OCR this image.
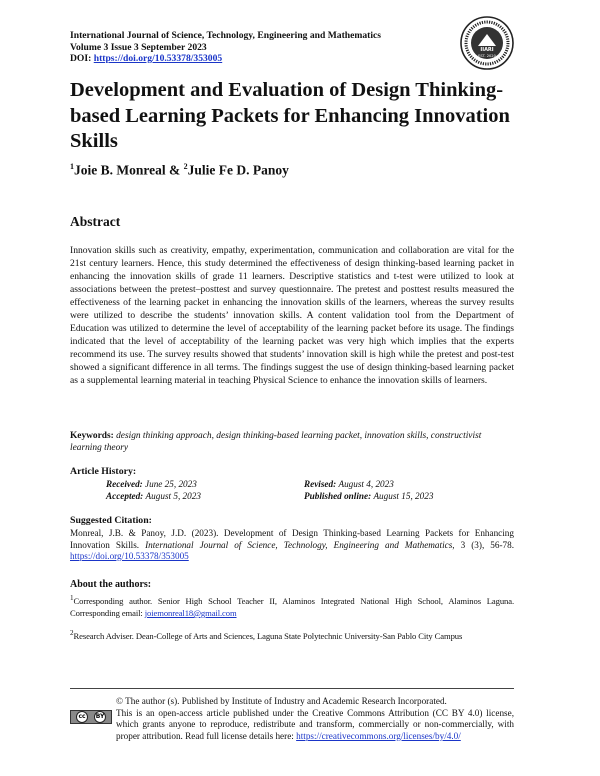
International Journal of Science, Technology, Engineering and Mathematics
Volume 3 Issue 3 September 2023
DOI: https://doi.org/10.53378/353005
IIARI
EST. 2020
Development and Evaluation of Design Thinking-based Learning Packets for Enhancing Innovation Skills
$^1$Joie B. Monreal & $^2$Julie Fe D. Panoy
Abstract

Innovation skills such as creativity, empathy, experimentation, communication and collaboration are vital for the 21st century learners. Hence, this study determined the effectiveness of design thinking-based learning packet in enhancing the innovation skills of grade 11 learners. Descriptive statistics and t-test were utilized to look at associations between the pretest–posttest and survey questionnaire. The pretest and posttest results measured the effectiveness of the learning packet in enhancing the innovation skills of the learners, whereas the survey results were utilized to describe the students’ innovation skills. A content validation tool from the Department of Education was utilized to determine the level of acceptability of the learning packet before its usage. The findings indicated that the level of acceptability of the learning packet was very high which implies that the experts recommend its use. The survey results showed that students’ innovation skill is high while the pretest and post-test showed a significant difference in all terms. The findings suggest the use of design thinking-based learning packet as a supplemental learning material in teaching Physical Science to enhance the innovation skills of learners.

Keywords: design thinking approach, design thinking-based learning packet, innovation skills, constructivist learning theory

Article History:
Received: June 25, 2023	Revised: August 4, 2023
Accepted: August 5, 2023	Published online: August 15, 2023
Suggested Citation:

Monreal, J.B. & Panoy, J.D. (2023). Development of Design Thinking-based Learning Packets for Enhancing Innovation Skills. International Journal of Science, Technology, Engineering and Mathematics, 3 (3), 56-78. https://doi.org/10.53378/353005

About the authors:

$^1$Corresponding author. Senior High School Teacher II, Alaminos Integrated National High School, Alaminos Laguna. Corresponding email: joiemonreal18@gmail.com

$^2$Research Adviser. Dean-College of Arts and Sciences, Laguna State Polytechnic University-San Pablo City Campus

cc	BY
© The author (s). Published by Institute of Industry and Academic Research Incorporated.
This is an open-access article published under the Creative Commons Attribution (CC BY 4.0) license, which grants anyone to reproduce, redistribute and transform, commercially or non-commercially, with proper attribution. Read full license details here: https://creativecommons.org/licenses/by/4.0/
